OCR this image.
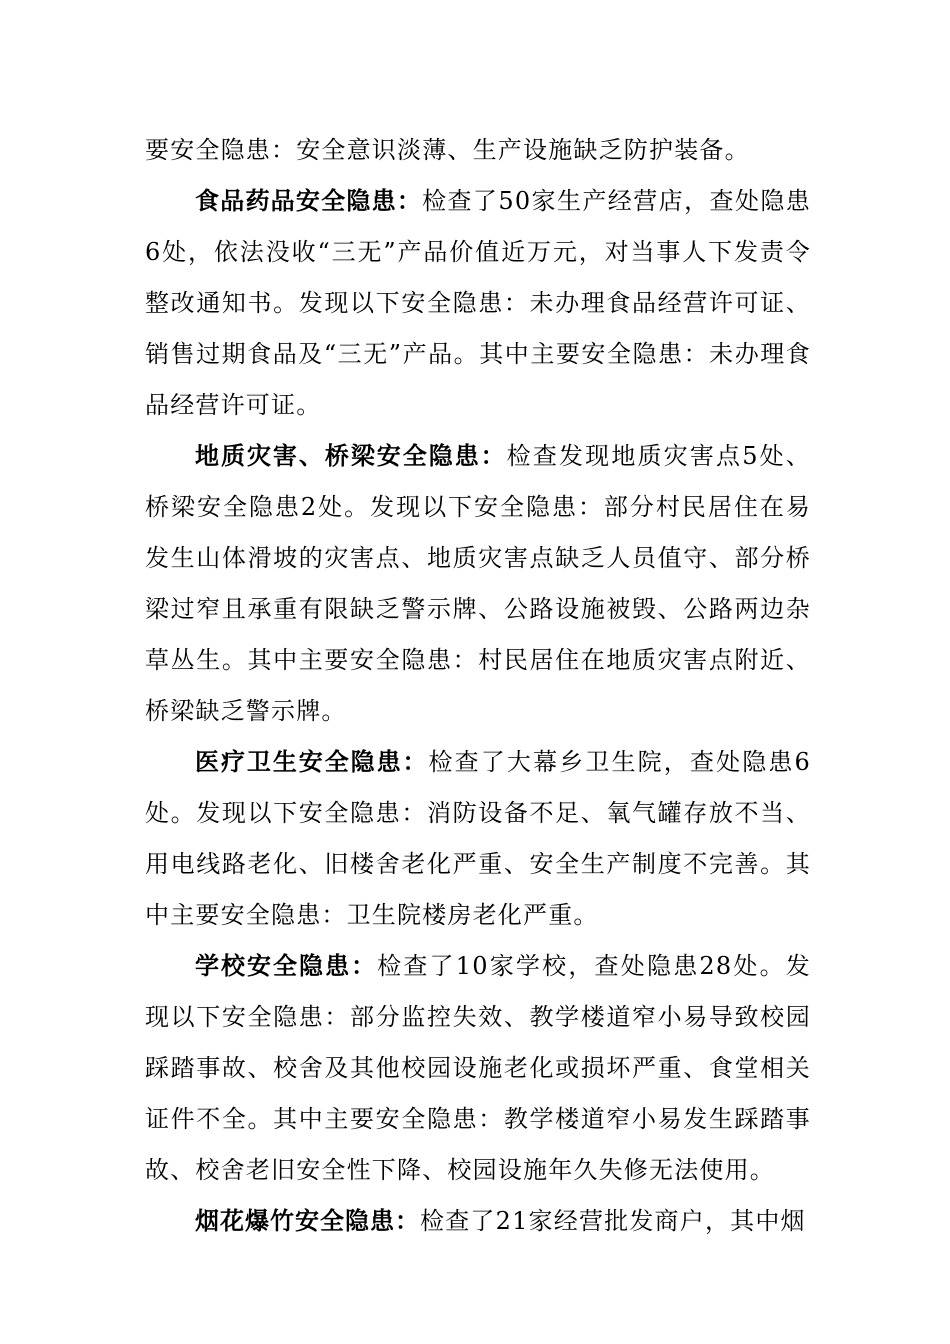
要安全隐患：安全意识淡薄、生产设施缺乏防护装备。

食品药品安全隐患：检查了50家生产经营店，查处隐患6处，依法没收“三无”产品价值近万元，对当事人下发责令整改通知书。发现以下安全隐患：未办理食品经营许可证、销售过期食品及“三无”产品。其中主要安全隐患：未办理食品经营许可证。

地质灾害、桥梁安全隐患：检查发现地质灾害点5处、桥梁安全隐患2处。发现以下安全隐患：部分村民居住在易发生山体滑坡的灾害点、地质灾害点缺乏人员值守、部分桥梁过窄且承重有限缺乏警示牌、公路设施被毁、公路两边杂草丛生。其中主要安全隐患：村民居住在地质灾害点附近、桥梁缺乏警示牌。

医疗卫生安全隐患：检查了大幕乡卫生院，查处隐患6处。发现以下安全隐患：消防设备不足、氧气罐存放不当、用电线路老化、旧楼舍老化严重、安全生产制度不完善。其中主要安全隐患：卫生院楼房老化严重。

学校安全隐患：检查了10家学校，查处隐患28处。发现以下安全隐患：部分监控失效、教学楼道窄小易导致校园踩踏事故、校舍及其他校园设施老化或损坏严重、食堂相关证件不全。其中主要安全隐患：教学楼道窄小易发生踩踏事故、校舍老旧安全性下降、校园设施年久失修无法使用。

烟花爆竹安全隐患：检查了21家经营批发商户，其中烟
